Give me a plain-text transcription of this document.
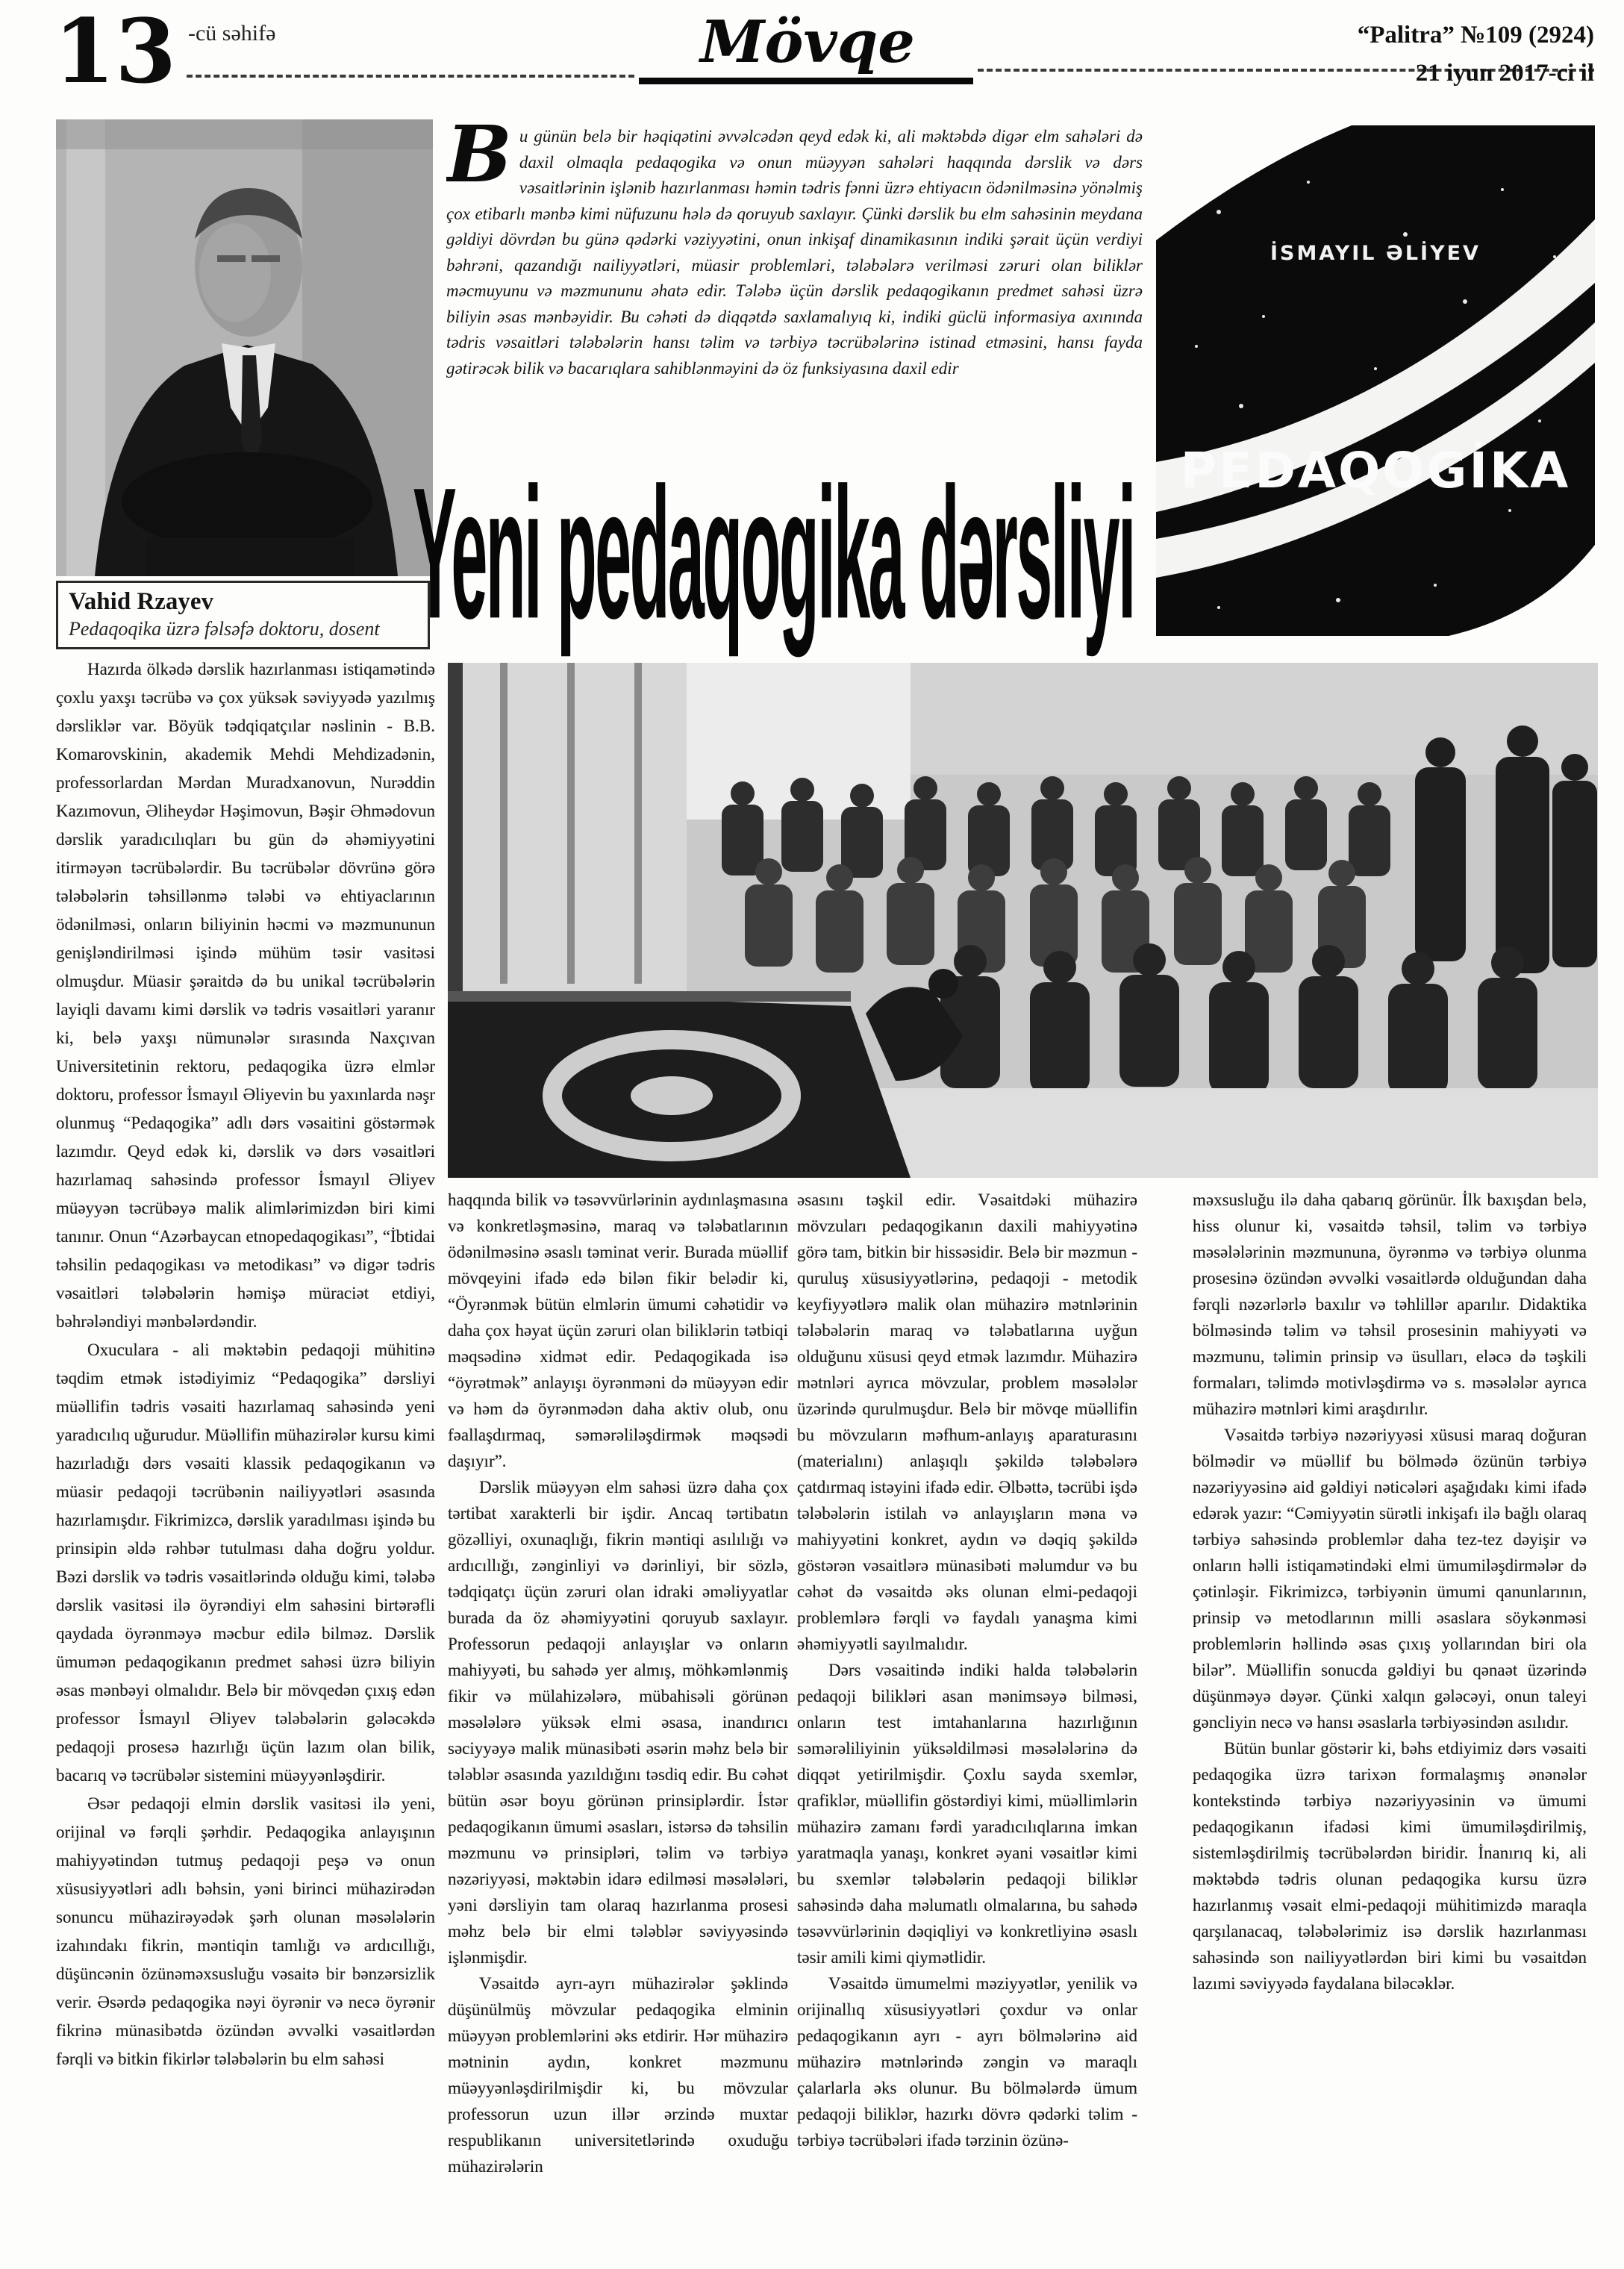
13 -cü səhifə	Mövqe	“Palitra” №109 (2924)
21 iyun 2017-ci il
Vahid Rzayev
Pedaqoqika üzrə fəlsəfə doktoru, dosent
Bu günün belə bir həqiqətini əvvəlcədən qeyd edək ki, ali məktəbdə digər elm sahələri də daxil olmaqla pedaqogika və onun müəyyən sahələri haqqında dərslik və dərs vəsaitlərinin işlənib hazırlanması həmin tədris fənni üzrə ehtiyacın ödənilməsinə yönəlmiş çox etibarlı mənbə kimi nüfuzunu hələ də qoruyub saxlayır. Çünki dərslik bu elm sahəsinin meydana gəldiyi dövrdən bu günə qədərki vəziyyətini, onun inkişaf dinamikasının indiki şərait üçün verdiyi bəhrəni, qazandığı nailiyyətləri, müasir problemləri, tələbələrə verilməsi zəruri olan biliklər məcmuyunu və məzmununu əhatə edir. Tələbə üçün dərslik pedaqogikanın predmet sahəsi üzrə biliyin əsas mənbəyidir. Bu cəhəti də diqqətdə saxlamalıyıq ki, indiki güclü informasiya axınında tədris vəsaitləri tələbələrin hansı təlim və tərbiyə təcrübələrinə istinad etməsini, hansı fayda gətirəcək bilik və bacarıqlara sahiblənməyini də öz funksiyasına daxil edir
İSMAYIL ƏLİYEV
PEDAQOGİKA
Yeni pedaqogika dərsliyi

Hazırda ölkədə dərslik hazırlanması istiqamətində çoxlu yaxşı təcrübə və çox yüksək səviyyədə yazılmış dərsliklər var. Böyük tədqiqatçılar nəslinin - B.B. Komarovskinin, akademik Mehdi Mehdizadənin, professorlardan Mərdan Muradxanovun, Nurəddin Kazımovun, Əliheydər Həşimovun, Bəşir Əhmədovun dərslik yaradıcılıqları bu gün də əhəmiyyətini itirməyən təcrübələrdir. Bu təcrübələr dövrünə görə tələbələrin təhsillənmə tələbi və ehtiyaclarının ödənilməsi, onların biliyinin həcmi və məzmununun genişləndirilməsi işində mühüm təsir vasitəsi olmuşdur. Müasir şəraitdə də bu unikal təcrübələrin layiqli davamı kimi dərslik və tədris vəsaitləri yaranır ki, belə yaxşı nümunələr sırasında Naxçıvan Universitetinin rektoru, pedaqogika üzrə elmlər doktoru, professor İsmayıl Əliyevin bu yaxınlarda nəşr olunmuş “Pedaqogika” adlı dərs vəsaitini göstərmək lazımdır. Qeyd edək ki, dərslik və dərs vəsaitləri hazırlamaq sahəsində professor İsmayıl Əliyev müəyyən təcrübəyə malik alimlərimizdən biri kimi tanınır. Onun “Azərbaycan etnopedaqogikası”, “İbtidai təhsilin pedaqogikası və metodikası” və digər tədris vəsaitləri tələbələrin həmişə müraciət etdiyi, bəhrələndiyi mənbələrdəndir.

Oxuculara - ali məktəbin pedaqoji mühitinə təqdim etmək istədiyimiz “Pedaqogika” dərsliyi müəllifin tədris vəsaiti hazırlamaq sahəsində yeni yaradıcılıq uğurudur. Müəllifin mühazirələr kursu kimi hazırladığı dərs vəsaiti klassik pedaqogikanın və müasir pedaqoji təcrübənin nailiyyətləri əsasında hazırlamışdır. Fikrimizcə, dərslik yaradılması işində bu prinsipin əldə rəhbər tutulması daha doğru yoldur. Bəzi dərslik və tədris vəsaitlərində olduğu kimi, tələbə dərslik vasitəsi ilə öyrəndiyi elm sahəsini birtərəfli qaydada öyrənməyə məcbur edilə bilməz. Dərslik ümumən pedaqogikanın predmet sahəsi üzrə biliyin əsas mənbəyi olmalıdır. Belə bir mövqedən çıxış edən professor İsmayıl Əliyev tələbələrin gələcəkdə pedaqoji prosesə hazırlığı üçün lazım olan bilik, bacarıq və təcrübələr sistemini müəyyənləşdirir.

Əsər pedaqoji elmin dərslik vasitəsi ilə yeni, orijinal və fərqli şərhdir. Pedaqogika anlayışının mahiyyətindən tutmuş pedaqoji peşə və onun xüsusiyyətləri adlı bəhsin, yəni birinci mühazirədən sonuncu mühazirəyədək şərh olunan məsələlərin izahındakı fikrin, məntiqin tamlığı və ardıcıllığı, düşüncənin özünəməxsusluğu vəsaitə bir bənzərsizlik verir. Əsərdə pedaqogika nəyi öyrənir və necə öyrənir fikrinə münasibətdə özündən əvvəlki vəsaitlərdən fərqli və bitkin fikirlər tələbələrin bu elm sahəsi

haqqında bilik və təsəvvürlərinin aydınlaşmasına və konkretləşməsinə, maraq və tələbatlarının ödənilməsinə əsaslı təminat verir. Burada müəllif mövqeyini ifadə edə bilən fikir belədir ki, “Öyrənmək bütün elmlərin ümumi cəhətidir və daha çox həyat üçün zəruri olan biliklərin tətbiqi məqsədinə xidmət edir. Pedaqogikada isə “öyrətmək” anlayışı öyrənməni də müəyyən edir və həm də öyrənmədən daha aktiv olub, onu fəallaşdırmaq, səmərəliləşdirmək məqsədi daşıyır”.

Dərslik müəyyən elm sahəsi üzrə daha çox tərtibat xarakterli bir işdir. Ancaq tərtibatın gözəlliyi, oxunaqlığı, fikrin məntiqi asılılığı və ardıcıllığı, zənginliyi və dərinliyi, bir sözlə, tədqiqatçı üçün zəruri olan idraki əməliyyatlar burada da öz əhəmiyyətini qoruyub saxlayır. Professorun pedaqoji anlayışlar və onların mahiyyəti, bu sahədə yer almış, möhkəmlənmiş fikir və mülahizələrə, mübahisəli görünən məsələlərə yüksək elmi əsasa, inandırıcı səciyyəyə malik münasibəti əsərin məhz belə bir tələblər əsasında yazıldığını təsdiq edir. Bu cəhət bütün əsər boyu görünən prinsiplərdir. İstər pedaqogikanın ümumi əsasları, istərsə də təhsilin məzmunu və prinsipləri, təlim və tərbiyə nəzəriyyəsi, məktəbin idarə edilməsi məsələləri, yəni dərsliyin tam olaraq hazırlanma prosesi məhz belə bir elmi tələblər səviyyəsində işlənmişdir.

Vəsaitdə ayrı-ayrı mühazirələr şəklində düşünülmüş mövzular pedaqogika elminin müəyyən problemlərini əks etdirir. Hər mühazirə mətninin aydın, konkret məzmunu müəyyənləşdirilmişdir ki, bu mövzular professorun uzun illər ərzində muxtar respublikanın universitetlərində oxuduğu mühazirələrin

əsasını təşkil edir. Vəsaitdəki mühazirə mövzuları pedaqogikanın daxili mahiyyətinə görə tam, bitkin bir hissəsidir. Belə bir məzmun - quruluş xüsusiyyətlərinə, pedaqoji - metodik keyfiyyətlərə malik olan mühazirə mətnlərinin tələbələrin maraq və tələbatlarına uyğun olduğunu xüsusi qeyd etmək lazımdır. Mühazirə mətnləri ayrıca mövzular, problem məsələlər üzərində qurulmuşdur. Belə bir mövqe müəllifin bu mövzuların məfhum-anlayış aparaturasını (materialını) anlaşıqlı şəkildə tələbələrə çatdırmaq istəyini ifadə edir. Əlbəttə, təcrübi işdə tələbələrin istilah və anlayışların məna və mahiyyətini konkret, aydın və dəqiq şəkildə göstərən vəsaitlərə münasibəti məlumdur və bu cəhət də vəsaitdə əks olunan elmi-pedaqoji problemlərə fərqli və faydalı yanaşma kimi əhəmiyyətli sayılmalıdır.

Dərs vəsaitində indiki halda tələbələrin pedaqoji bilikləri asan mənimsəyə bilməsi, onların test imtahanlarına hazırlığının səmərəliliyinin yüksəldilməsi məsələlərinə də diqqət yetirilmişdir. Çoxlu sayda sxemlər, qrafiklər, müəllifin göstərdiyi kimi, müəllimlərin mühazirə zamanı fərdi yaradıcılıqlarına imkan yaratmaqla yanaşı, konkret əyani vəsaitlər kimi bu sxemlər tələbələrin pedaqoji biliklər sahəsində daha məlumatlı olmalarına, bu sahədə təsəvvürlərinin dəqiqliyi və konkretliyinə əsaslı təsir amili kimi qiymətlidir.

Vəsaitdə ümumelmi məziyyətlər, yenilik və orijinallıq xüsusiyyətləri çoxdur və onlar pedaqogikanın ayrı - ayrı bölmələrinə aid mühazirə mətnlərində zəngin və maraqlı çalarlarla əks olunur. Bu bölmələrdə ümum pedaqoji biliklər, hazırkı dövrə qədərki təlim - tərbiyə təcrübələri ifadə tərzinin özünə-

məxsusluğu ilə daha qabarıq görünür. İlk baxışdan belə, hiss olunur ki, vəsaitdə təhsil, təlim və tərbiyə məsələlərinin məzmununa, öyrənmə və tərbiyə olunma prosesinə özündən əvvəlki vəsaitlərdə olduğundan daha fərqli nəzərlərlə baxılır və təhlillər aparılır. Didaktika bölməsində təlim və təhsil prosesinin mahiyyəti və məzmunu, təlimin prinsip və üsulları, eləcə də təşkili formaları, təlimdə motivləşdirmə və s. məsələlər ayrıca mühazirə mətnləri kimi araşdırılır.

Vəsaitdə tərbiyə nəzəriyyəsi xüsusi maraq doğuran bölmədir və müəllif bu bölmədə özünün tərbiyə nəzəriyyəsinə aid gəldiyi nəticələri aşağıdakı kimi ifadə edərək yazır: “Cəmiyyətin sürətli inkişafı ilə bağlı olaraq tərbiyə sahəsində problemlər daha tez-tez dəyişir və onların həlli istiqamətindəki elmi ümumiləşdirmələr də çətinləşir. Fikrimizcə, tərbiyənin ümumi qanunlarının, prinsip və metodlarının milli əsaslara söykənməsi problemlərin həllində əsas çıxış yollarından biri ola bilər”. Müəllifin sonucda gəldiyi bu qənaət üzərində düşünməyə dəyər. Çünki xalqın gələcəyi, onun taleyi gəncliyin necə və hansı əsaslarla tərbiyəsindən asılıdır.

Bütün bunlar göstərir ki, bəhs etdiyimiz dərs vəsaiti pedaqogika üzrə tarixən formalaşmış ənənələr kontekstində tərbiyə nəzəriyyəsinin və ümumi pedaqogikanın ifadəsi kimi ümumiləşdirilmiş, sistemləşdirilmiş təcrübələrdən biridir. İnanırıq ki, ali məktəbdə tədris olunan pedaqogika kursu üzrə hazırlanmış vəsait elmi-pedaqoji mühitimizdə maraqla qarşılanacaq, tələbələrimiz isə dərslik hazırlanması sahəsində son nailiyyətlərdən biri kimi bu vəsaitdən lazımi səviyyədə faydalana biləcəklər.
